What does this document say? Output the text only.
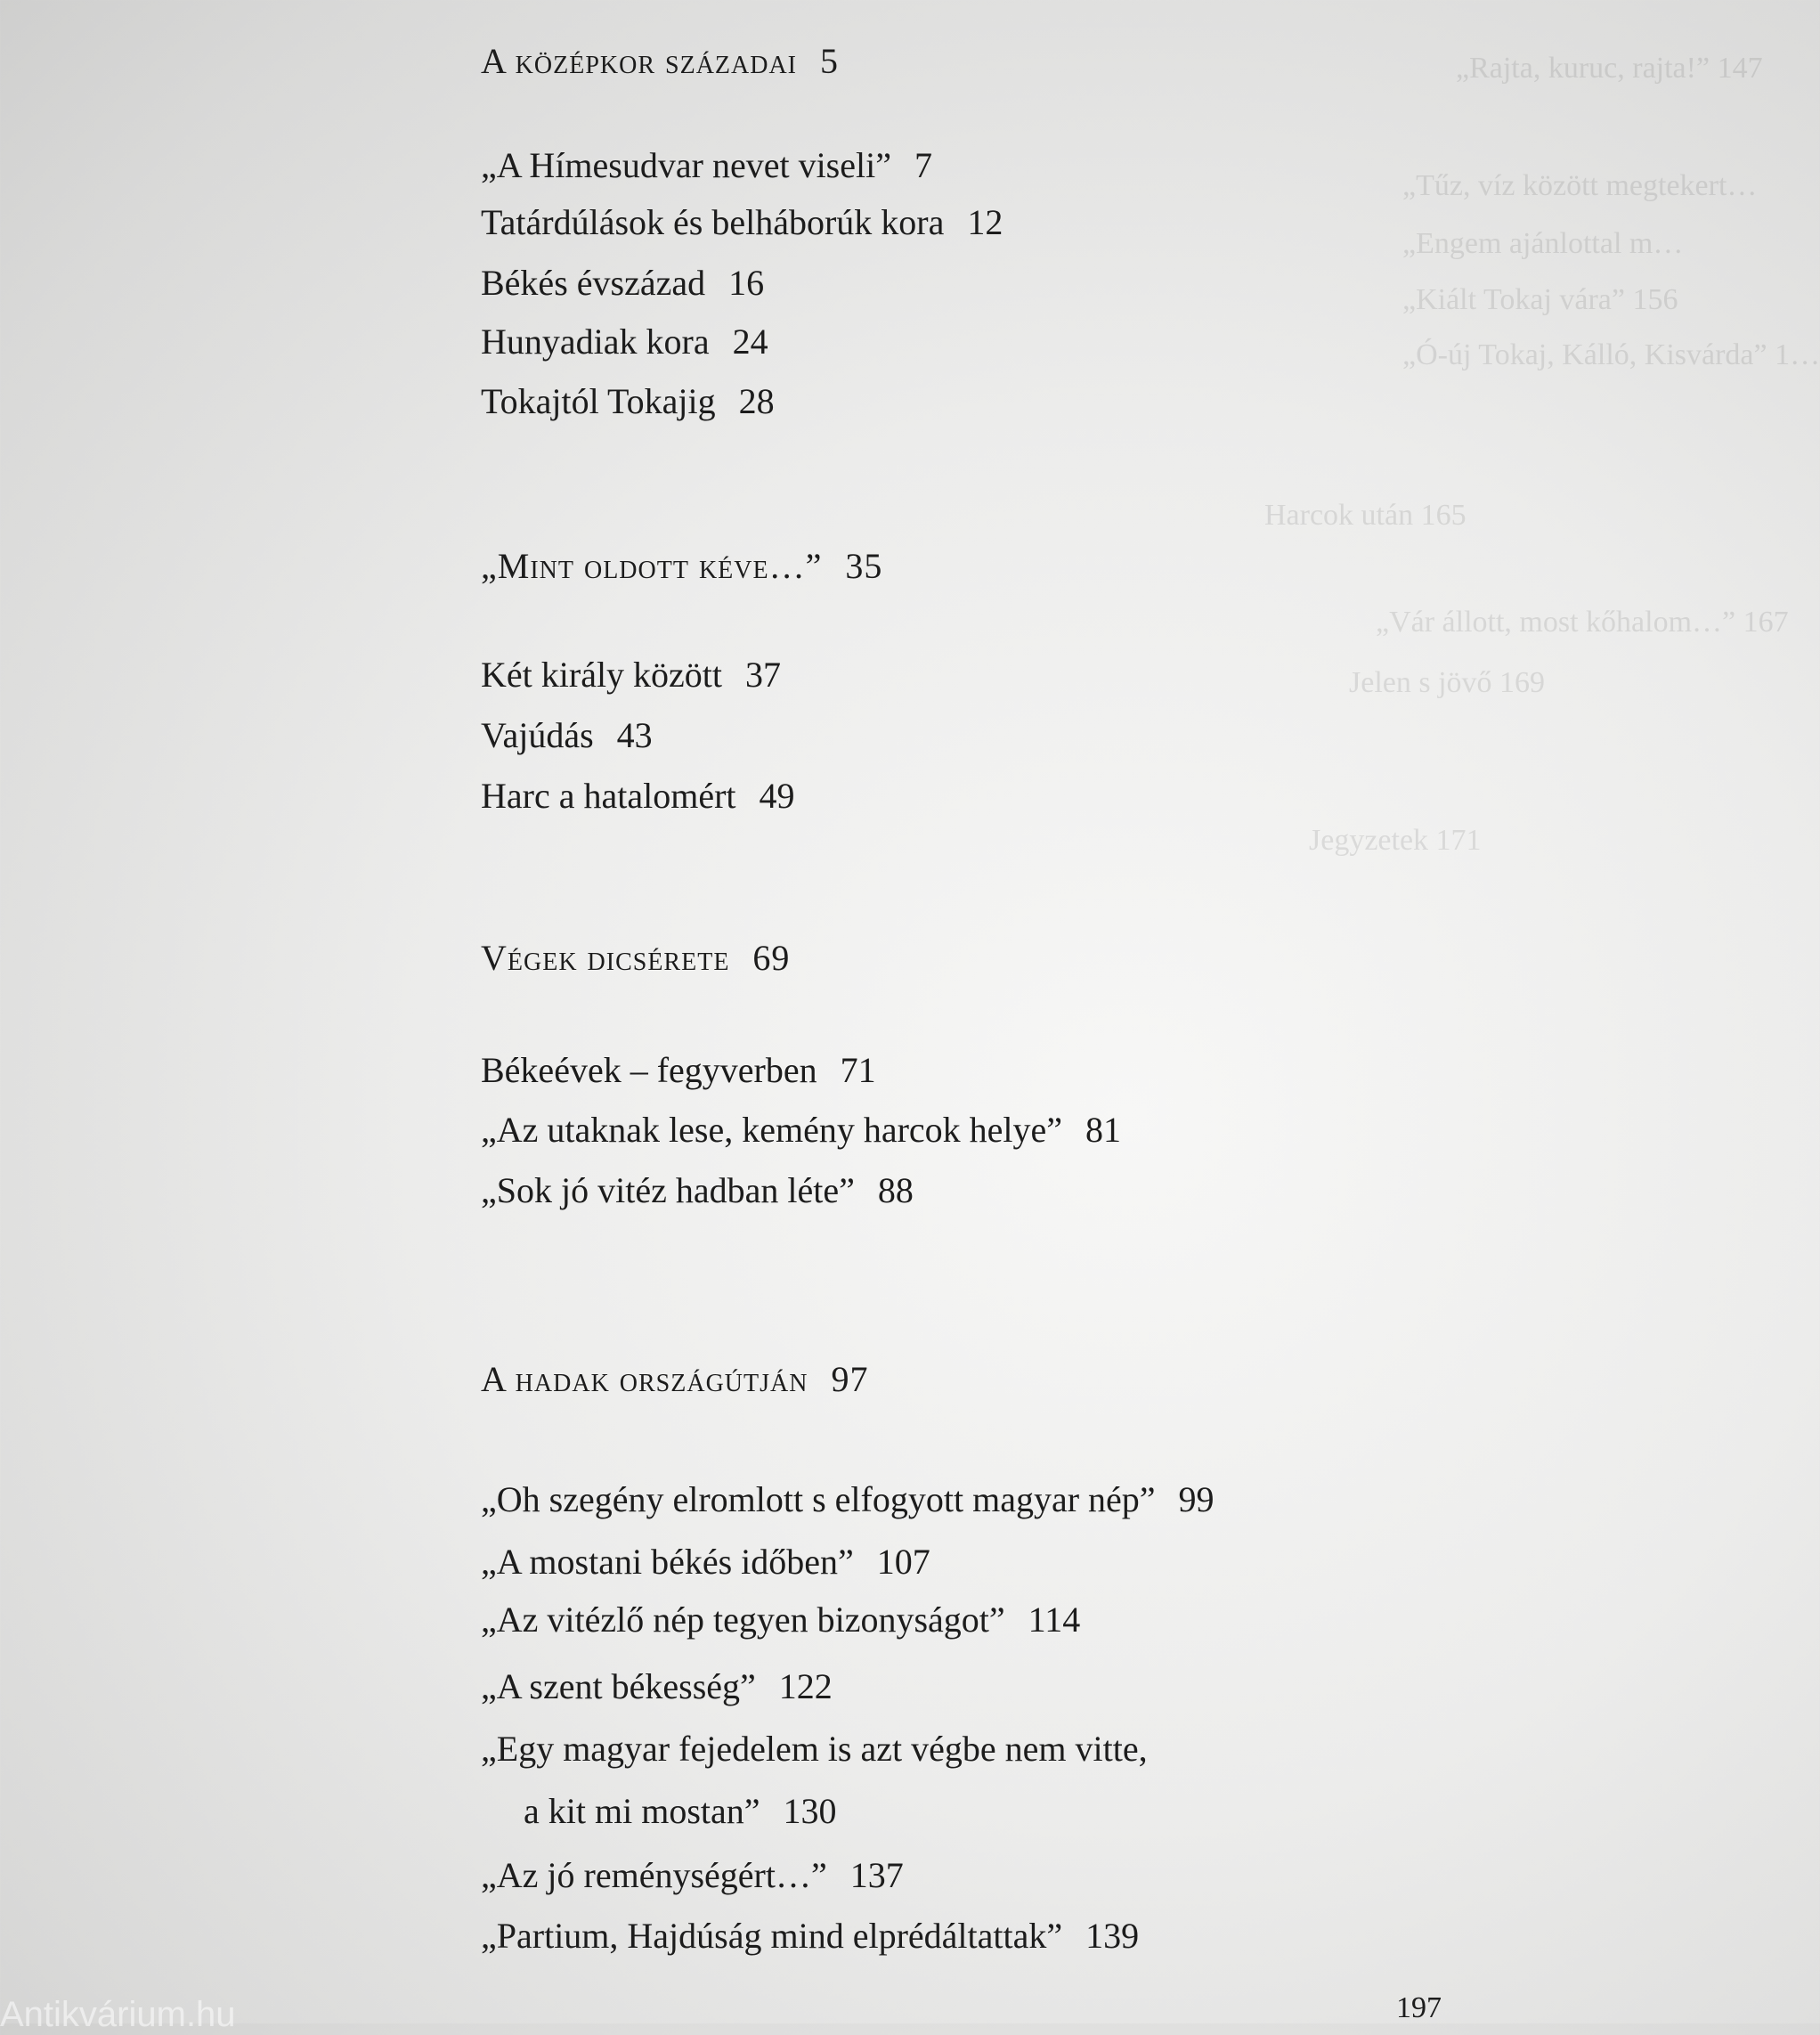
„Rajta, kuruc, rajta!” 147
„Tűz, víz között megtekert…
„Engem ajánlottal m…
„Kiált Tokaj vára” 156
„Ó-új Tokaj, Kálló, Kisvárda” 1…
Harcok után 165
„Vár állott, most kőhalom…” 167
Jelen s jövő 169
Jegyzetek 171
A középkor századai 5
„A Hímesudvar nevet viseli” 7
Tatárdúlások és belháborúk kora 12
Békés évszázad 16
Hunyadiak kora 24
Tokajtól Tokajig 28
„Mint oldott kéve…” 35
Két király között 37
Vajúdás 43
Harc a hatalomért 49
Végek dicsérete 69
Békeévek – fegyverben 71
„Az utaknak lese, kemény harcok helye” 81
„Sok jó vitéz hadban léte” 88
A hadak országútján 97
„Oh szegény elromlott s elfogyott magyar nép” 99
„A mostani békés időben” 107
„Az vitézlő nép tegyen bizonyságot” 114
„A szent békesség” 122
„Egy magyar fejedelem is azt végbe nem vitte,
a kit mi mostan” 130
„Az jó reménységért…” 137
„Partium, Hajdúság mind elprédáltattak” 139
197
Antikvárium.hu
